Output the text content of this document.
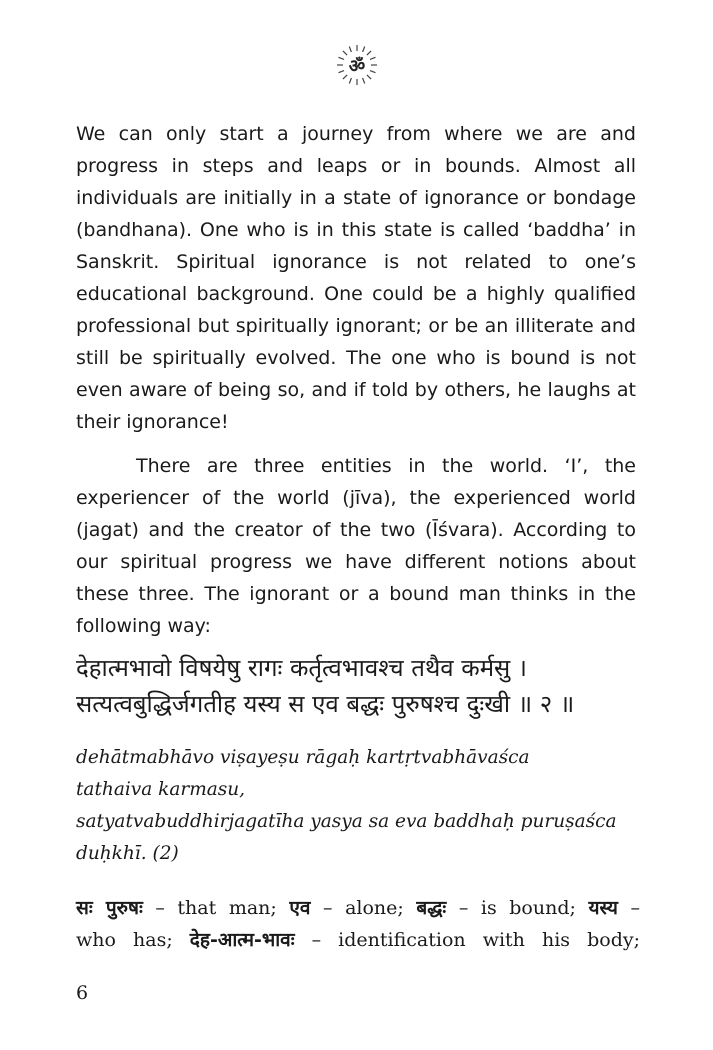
ॐ

We can only start a journey from where we are and progress in steps and leaps or in bounds. Almost all individuals are initially in a state of ignorance or bondage (bandhana). One who is in this state is called ‘baddha’ in Sanskrit. Spiritual ignorance is not related to one’s educational background. One could be a highly qualified professional but spiritually ignorant; or be an illiterate and still be spiritually evolved. The one who is bound is not even aware of being so, and if told by others, he laughs at their ignorance!

There are three entities in the world. ‘I’, the experiencer of the world (jīva), the experienced world (jagat) and the creator of the two (Īśvara). According to our spiritual progress we have different notions about these three. The ignorant or a bound man thinks in the following way:

देहात्मभावो विषयेषु रागः कर्तृत्वभावश्च तथैव कर्मसु ।
सत्यत्वबुद्धिर्जगतीह यस्य स एव बद्धः पुरुषश्च दुःखी ॥ २ ॥
dehātmabhāvo viṣayeṣu rāgaḥ kartṛtvabhāvaśca
tathaiva karmasu,
satyatvabuddhirjagatīha yasya sa eva baddhaḥ puruṣaśca
duḥkhī. (2)
सः पुरुषः – that man; एव – alone; बद्धः – is bound; यस्य –
who has; देह-आत्म-भावः – identification with his body;

6
